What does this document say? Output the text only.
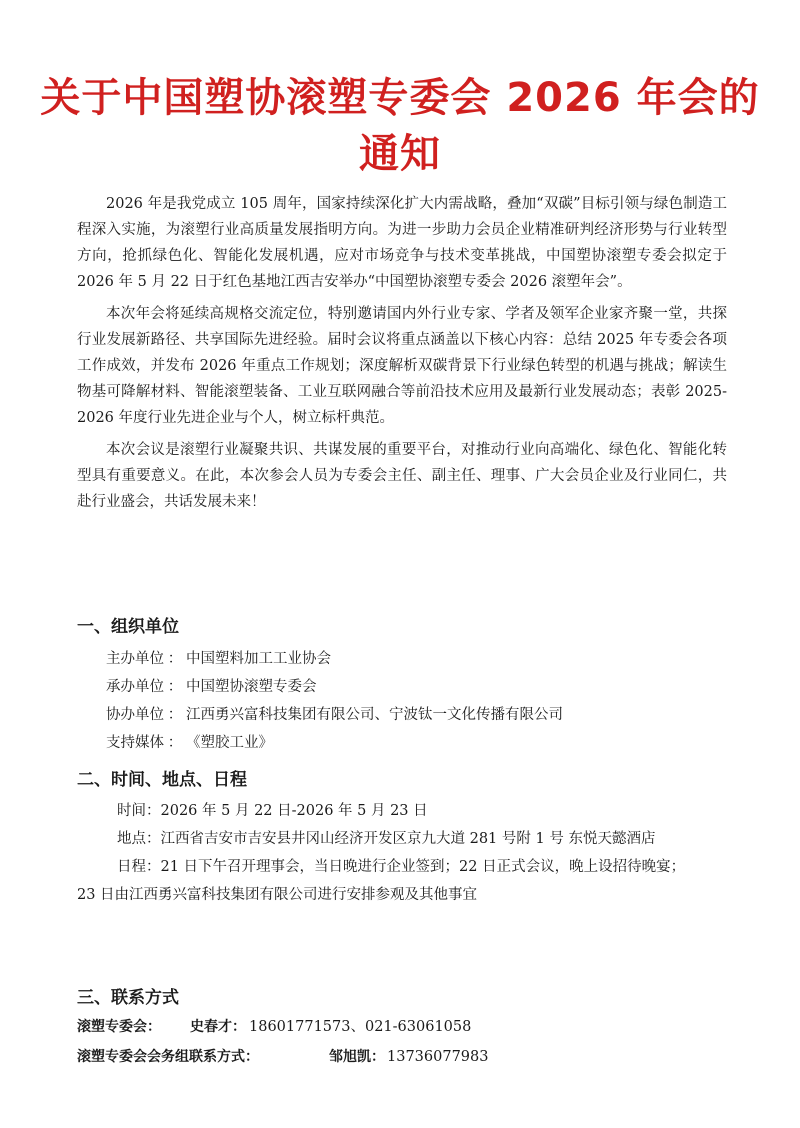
关于中国塑协滚塑专委会 2026 年会的
通知

2026 年是我党成立 105 周年，国家持续深化扩大内需战略，叠加“双碳”目标引领与绿色制造工程深入实施，为滚塑行业高质量发展指明方向。为进一步助力会员企业精准研判经济形势与行业转型方向，抢抓绿色化、智能化发展机遇，应对市场竞争与技术变革挑战，中国塑协滚塑专委会拟定于 2026 年 5 月 22 日于红色基地江西吉安举办“中国塑协滚塑专委会 2026 滚塑年会”。

本次年会将延续高规格交流定位，特别邀请国内外行业专家、学者及领军企业家齐聚一堂，共探行业发展新路径、共享国际先进经验。届时会议将重点涵盖以下核心内容：总结 2025 年专委会各项工作成效，并发布 2026 年重点工作规划；深度解析双碳背景下行业绿色转型的机遇与挑战；解读生物基可降解材料、智能滚塑装备、工业互联网融合等前沿技术应用及最新行业发展动态；表彰 2025-2026 年度行业先进企业与个人，树立标杆典范。

本次会议是滚塑行业凝聚共识、共谋发展的重要平台，对推动行业向高端化、绿色化、智能化转型具有重要意义。在此，本次参会人员为专委会主任、副主任、理事、广大会员企业及行业同仁，共赴行业盛会，共话发展未来！

一、组织单位
主办单位 ： 中国塑料加工工业协会
承办单位 ： 中国塑协滚塑专委会
协办单位 ： 江西勇兴富科技集团有限公司、宁波钛一文化传播有限公司
支持媒体 ： 《塑胶工业》
二、时间、地点、日程
时间：2026 年 5 月 22 日-2026 年 5 月 23 日
地点：江西省吉安市吉安县井冈山经济开发区京九大道 281 号附 1 号 东悦天懿酒店
日程：21 日下午召开理事会，当日晚进行企业签到；22 日正式会议，晚上设招待晚宴；
23 日由江西勇兴富科技集团有限公司进行安排参观及其他事宜
三、联系方式
滚塑专委会： 史春才： 18601771573、021-63061058
滚塑专委会会务组联系方式：	邹旭凯： 13736077983
